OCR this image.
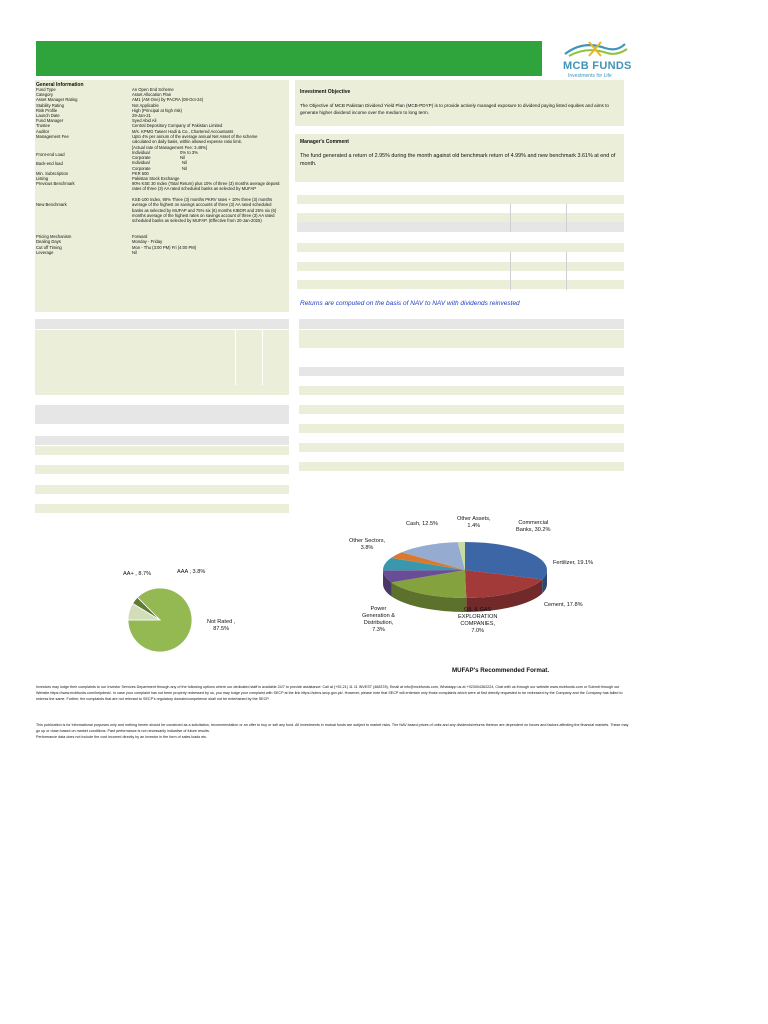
MCB FUNDS
Investments for Life
General Information
Fund Type	An Open End Scheme
Category	Asset Allocation Plan
Asset Manager Rating	AM1 (AM One) by PACRA (08-Oct-24)
Stability Rating	Not Applicable
Risk Profile	High (Principal at high risk)
Launch Date	29-Jan-21
Fund Manager	Syed Abid Ali
Trustee	Central Depository Company of Pakistan Limited
Auditor	M/s. KPMG Taseer Hadi & Co., Chartered Accountants
Management Fee	Upto 4% per annum of the average annual Net Asset of the scheme calculated on daily basis, within allowed expense ratio limit.
[Actual rate of Management Fee: 3.48%]
Front-end Load	Individual	0% to 3%
Corporate	Nil
Back-end load	Individual	Nil
Corporate	Nil
Min. Subscription	PKR 500
Listing	Pakistan Stock Exchange
Previous Benchmark	90% KSE 30 Index (Total Return) plus 10% of three (3) months average deposit rates of three (3) AA rated scheduled banks as selected by MUFAP
New Benchmark
KSE-100 Index, 90% Three (3) months PKRV rates + 10% three (3) months average of the highest on savings accounts of three (3) AA rated scheduled banks as selected by MUFAP and 75% six (6) months KIBOR and 25% six (6) months average of the highest rates on savings account of three (3) AA rated scheduled banks as selected by MUFAP. (Effective from 20-Jan-2025)
Pricing Mechanism	Forward
Dealing Days	Monday - Friday
Cut off Timing	Mon - Thu (3:00 PM) Fri (4:00 PM)
Leverage	Nil
Investment Objective
The Objective of MCB Pakistan Dividend Yield Plan (MCB-PDYP) is to provide actively managed exposure to dividend paying listed equities and aims to generate higher dividend income over the medium to long term.
Manager's Comment
The fund generated a return of 2.95% during the month against old benchmark return of 4.99% and new benchmark 3.61% at end of month.
Returns are computed on the basis of NAV to NAV with dividends reinvested
Commercial
Banks, 30.2%
Fertilizer, 19.1%
Cement, 17.8%
OIL & GAS
EXPLORATION
COMPANIES,
7.0%
Power
Generation &
Distribution,
7.3%
Other Sectors,
3.8%
Cash, 12.5%
Other Assets,
1.4%
Not Rated ,
87.5%
AA+ , 8.7%	AAA , 3.8%
MUFAP's Recommended Format.
Investors may lodge their complaints to our Investor Services Department through any of the following options where our dedicated staff is available 24/7 to provide assistance: Call at (+92-21) 11 11 INVEST (468378), Email at info@mcbfunds.com, Whatsapp us at +923004362224, Chat with us through our website www.mcbfunds.com or Submit through our Website https://www.mcbfunds.com/helpdesk/. In case your complaint has not been properly redressed by us, you may lodge your complaint with SECP at the link https://sdms.secp.gov.pk/. However, please note that SECP will entertain only those complaints which were at first directly requested to be redressed by the Company and the Company has failed to redress the same. Further, the complaints that are not relevant to SECP's regulatory domain/competence shall not be entertained by the SECP.
This publication is for informational purposes only and nothing herein should be construed as a solicitation, recommendation or an offer to buy or sell any fund. All investments in mutual funds are subject to market risks. The NAV based prices of units and any dividends/returns thereon are dependent on forces and factors affecting the financial markets. These may go up or down based on market conditions. Past performance is not necessarily indicative of future results.
Performance data does not include the cost incurred directly by an investor in the form of sales loads etc.
